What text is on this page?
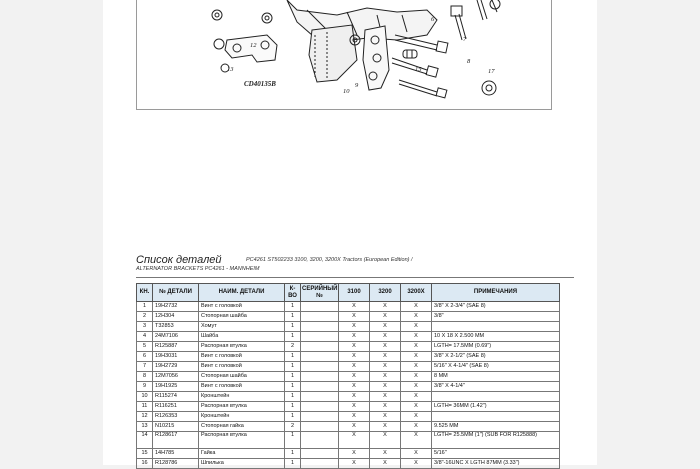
12
13
6
7
8
17
15
10
9
CD40135B
Список деталей	PC4261 ST502233 3100, 3200, 3200X Tractors (European Edition) /
ALTERNATOR BRACKETS PC4261 - MANNHEIM
КН.	№ ДЕТАЛИ	НАИМ. ДЕТАЛИ	К-ВО	СЕРИЙНЫЙ №	3100	3200	3200X	ПРИМЕЧАНИЯ
1	19H2732	Винт с головкой	1		X	X	X	3/8" X 2-3/4" (SAE 8)
2	12H304	Стопорная шайба	1		X	X	X	3/8"
3	T32853	Хомут	1		X	X	X	
4	24M7106	Шайба	1		X	X	X	10 X 18 X 2.500 MM
5	R125887	Распорная втулка	2		X	X	X	LGTH= 17.5MM (0.69")
6	19H3031	Винт с головкой	1		X	X	X	3/8" X 2-1/2" (SAE 8)
7	19H2729	Винт с головкой	1		X	X	X	5/16" X 4-1/4" (SAE 8)
8	12M7056	Стопорная шайба	1		X	X	X	8 MM
9	19H1925	Винт с головкой	1		X	X	X	3/8" X 4-1/4"
10	R115274	Кронштейн	1		X	X	X	
11	R116251	Распорная втулка	1		X	X	X	LGTH= 36MM (1.42")
12	R126353	Кронштейн	1		X	X	X	
13	N10215	Стопорная гайка	2		X	X	X	9.525 MM
14	R128617	Распорная втулка	1		X	X	X	LGTH= 25.5MM (1") (SUB FOR R125888)
15	14H785	Гайка	1		X	X	X	5/16"
16	R128786	Шпилька	1		X	X	X	3/8"-16UNC X LGTH 87MM (3.33")
